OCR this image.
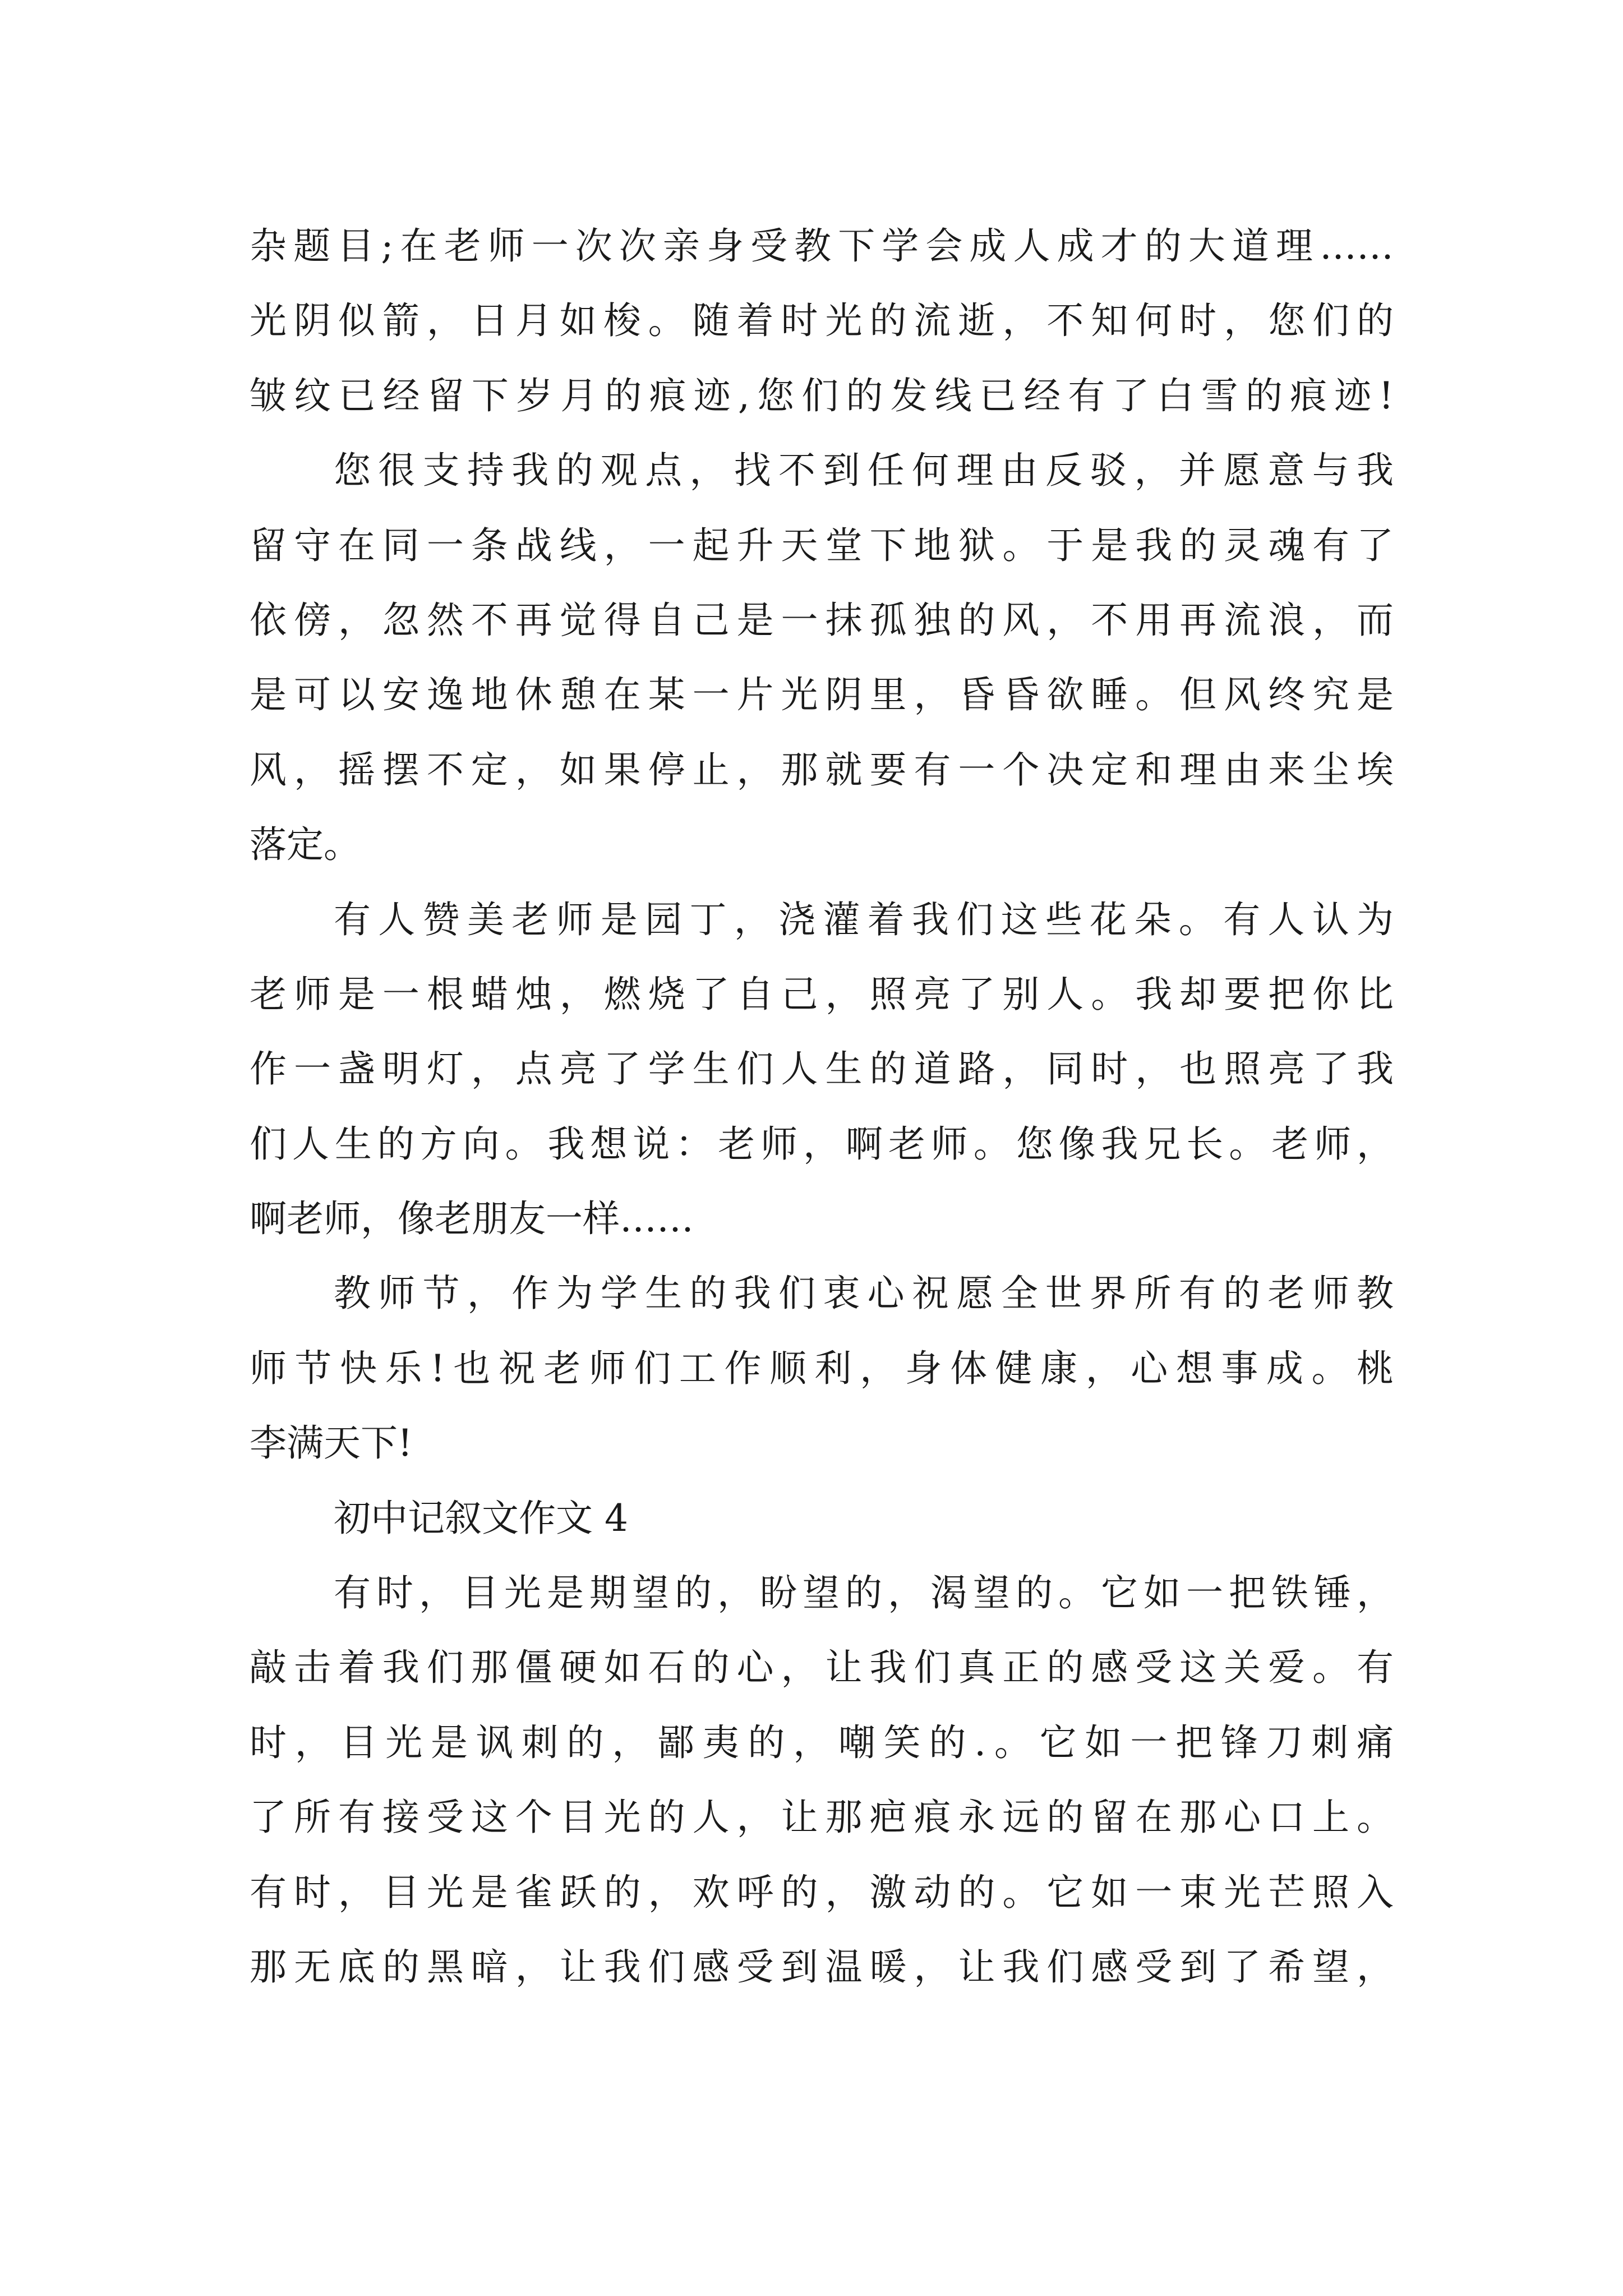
杂题目;在老师一次次亲身受教下学会成人成才的大道理……
光阴似箭，日月如梭。随着时光的流逝，不知何时，您们的
皱纹已经留下岁月的痕迹,您们的发线已经有了白雪的痕迹!
您很支持我的观点，找不到任何理由反驳，并愿意与我
留守在同一条战线，一起升天堂下地狱。于是我的灵魂有了
依傍，忽然不再觉得自己是一抹孤独的风，不用再流浪，而
是可以安逸地休憩在某一片光阴里，昏昏欲睡。但风终究是
风，摇摆不定，如果停止，那就要有一个决定和理由来尘埃
落定。
有人赞美老师是园丁，浇灌着我们这些花朵。有人认为
老师是一根蜡烛，燃烧了自己，照亮了别人。我却要把你比
作一盏明灯，点亮了学生们人生的道路，同时，也照亮了我
们人生的方向。我想说：老师，啊老师。您像我兄长。老师，
啊老师，像老朋友一样……
教师节，作为学生的我们衷心祝愿全世界所有的老师教
师节快乐!也祝老师们工作顺利，身体健康，心想事成。桃
李满天下!
初中记叙文作文 4
有时，目光是期望的，盼望的，渴望的。它如一把铁锤，
敲击着我们那僵硬如石的心，让我们真正的感受这关爱。有
时，目光是讽刺的，鄙夷的，嘲笑的.。它如一把锋刀刺痛
了所有接受这个目光的人，让那疤痕永远的留在那心口上。
有时，目光是雀跃的，欢呼的，激动的。它如一束光芒照入
那无底的黑暗，让我们感受到温暖，让我们感受到了希望，
